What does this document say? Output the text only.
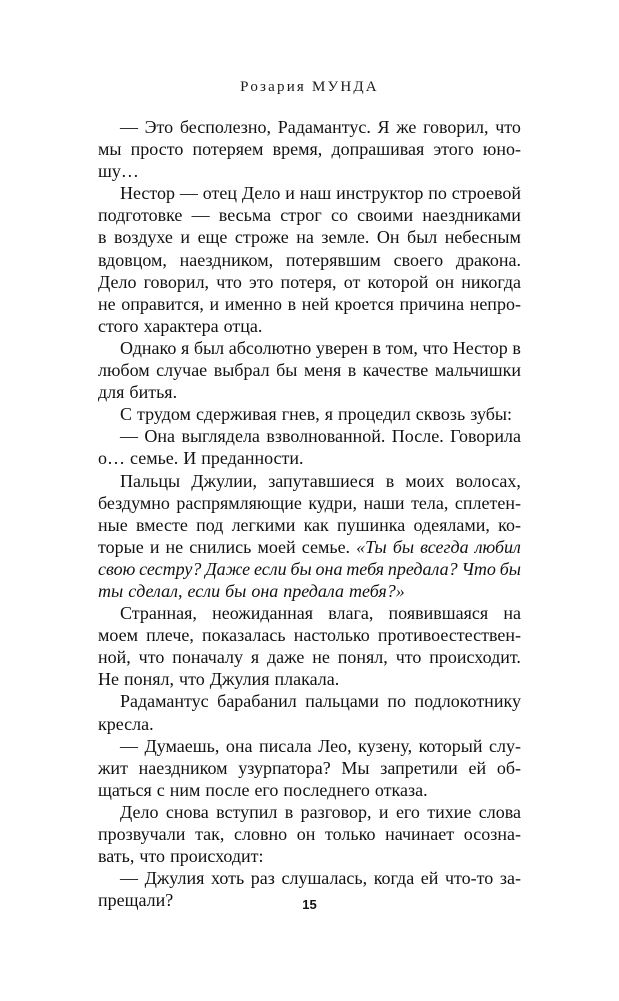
Розария МУНДА
— Это бесполезно, Радамантус. Я же говорил, что
мы просто потеряем время, допрашивая этого юно-
шу…
Нестор — отец Дело и наш инструктор по строевой
подготовке — весьма строг со своими наездниками
в воздухе и еще строже на земле. Он был небесным
вдовцом, наездником, потерявшим своего дракона.
Дело говорил, что это потеря, от которой он никогда
не оправится, и именно в ней кроется причина непро-
стого характера отца.
Однако я был абсолютно уверен в том, что Нестор в
любом случае выбрал бы меня в качестве мальчишки
для битья.
С трудом сдерживая гнев, я процедил сквозь зубы:
— Она выглядела взволнованной. После. Говорила
о… семье. И преданности.
Пальцы Джулии, запутавшиеся в моих волосах,
бездумно распрямляющие кудри, наши тела, сплетен-
ные вместе под легкими как пушинка одеялами, ко-
торые и не снились моей семье. «Ты бы всегда любил
свою сестру? Даже если бы она тебя предала? Что бы
ты сделал, если бы она предала тебя?»
Странная, неожиданная влага, появившаяся на
моем плече, показалась настолько противоестествен-
ной, что поначалу я даже не понял, что происходит.
Не понял, что Джулия плакала.
Радамантус барабанил пальцами по подлокотнику
кресла.
— Думаешь, она писала Лео, кузену, который слу-
жит наездником узурпатора? Мы запретили ей об-
щаться с ним после его последнего отказа.
Дело снова вступил в разговор, и его тихие слова
прозвучали так, словно он только начинает осозна-
вать, что происходит:
— Джулия хоть раз слушалась, когда ей что-то за-
прещали?	15
